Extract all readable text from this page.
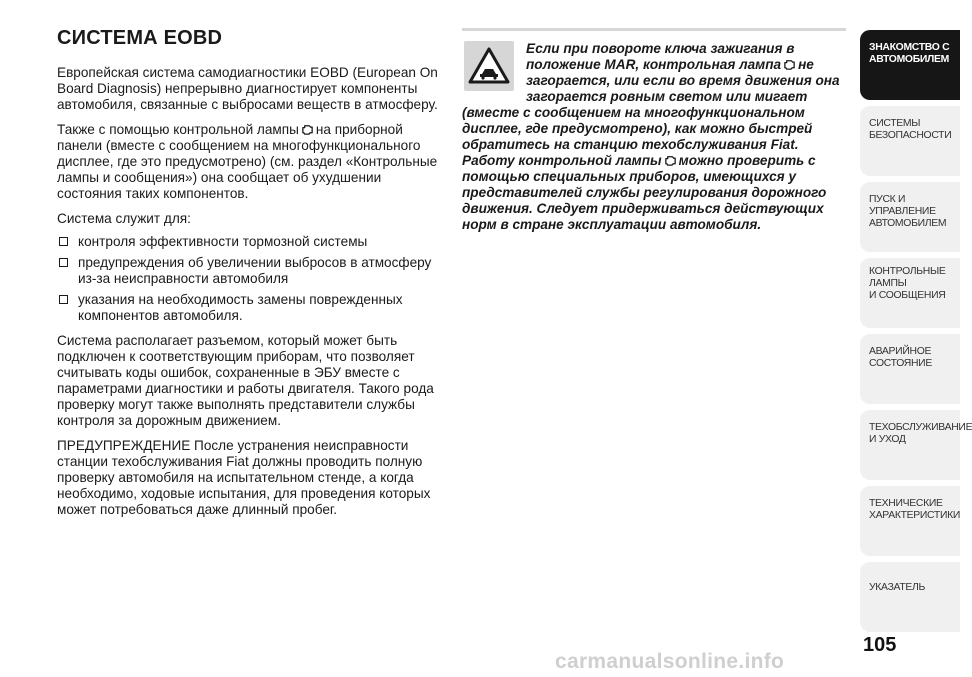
СИСТЕМА EOBD

Европейская система самодиагностики EOBD (European On Board Diagnosis) непрерывно диагностирует компоненты автомобиля, связанные с выбросами веществ в атмосферу.

Также с помощью контрольной лампы на приборной панели (вместе с сообщением на многофункционального дисплее, где это предусмотрено) (см. раздел «Контрольные лампы и сообщения») она сообщает об ухудшении состояния таких компонентов.

Система служит для:

контроля эффективности тормозной системы
предупреждения об увеличении выбросов в атмосферу из-за неисправности автомобиля
указания на необходимость замены поврежденных компонентов автомобиля.

Система располагает разъемом, который может быть подключен к соответствующим приборам, что позволяет считывать коды ошибок, сохраненные в ЭБУ вместе с параметрами диагностики и работы двигателя. Такого рода проверку могут также выполнять представители службы контроля за дорожным движением.

ПРЕДУПРЕЖДЕНИЕ После устранения неисправности станции техобслуживания Fiat должны проводить полную проверку автомобиля на испытательном стенде, а когда необходимо, ходовые испытания, для проведения которых может потребоваться даже длинный пробег.

Если при повороте ключа зажигания в положение MAR, контрольная лампа не загорается, или если во время движения она загорается ровным светом или мигает (вместе с сообщением на многофункциональном дисплее, где предусмотрено), как можно быстрей обратитесь на станцию техобслуживания Fiat. Работу контрольной лампы можно проверить с помощью специальных приборов, имеющихся у представителей службы регулирования дорожного движения. Следует придерживаться действующих норм в стране эксплуатации автомобиля.
ЗНАКОМСТВО С
АВТОМОБИЛЕМ
СИСТЕМЫ
БЕЗОПАСНОСТИ
ПУСК И УПРАВЛЕНИЕ
АВТОМОБИЛЕМ
КОНТРОЛЬНЫЕ
ЛАМПЫ
И СООБЩЕНИЯ
АВАРИЙНОЕ
СОСТОЯНИЕ
ТЕХОБСЛУЖИВАНИЕ
И УХОД
ТЕХНИЧЕСКИЕ
ХАРАКТЕРИСТИКИ
УКАЗАТЕЛЬ
105
carmanualsonline.info
